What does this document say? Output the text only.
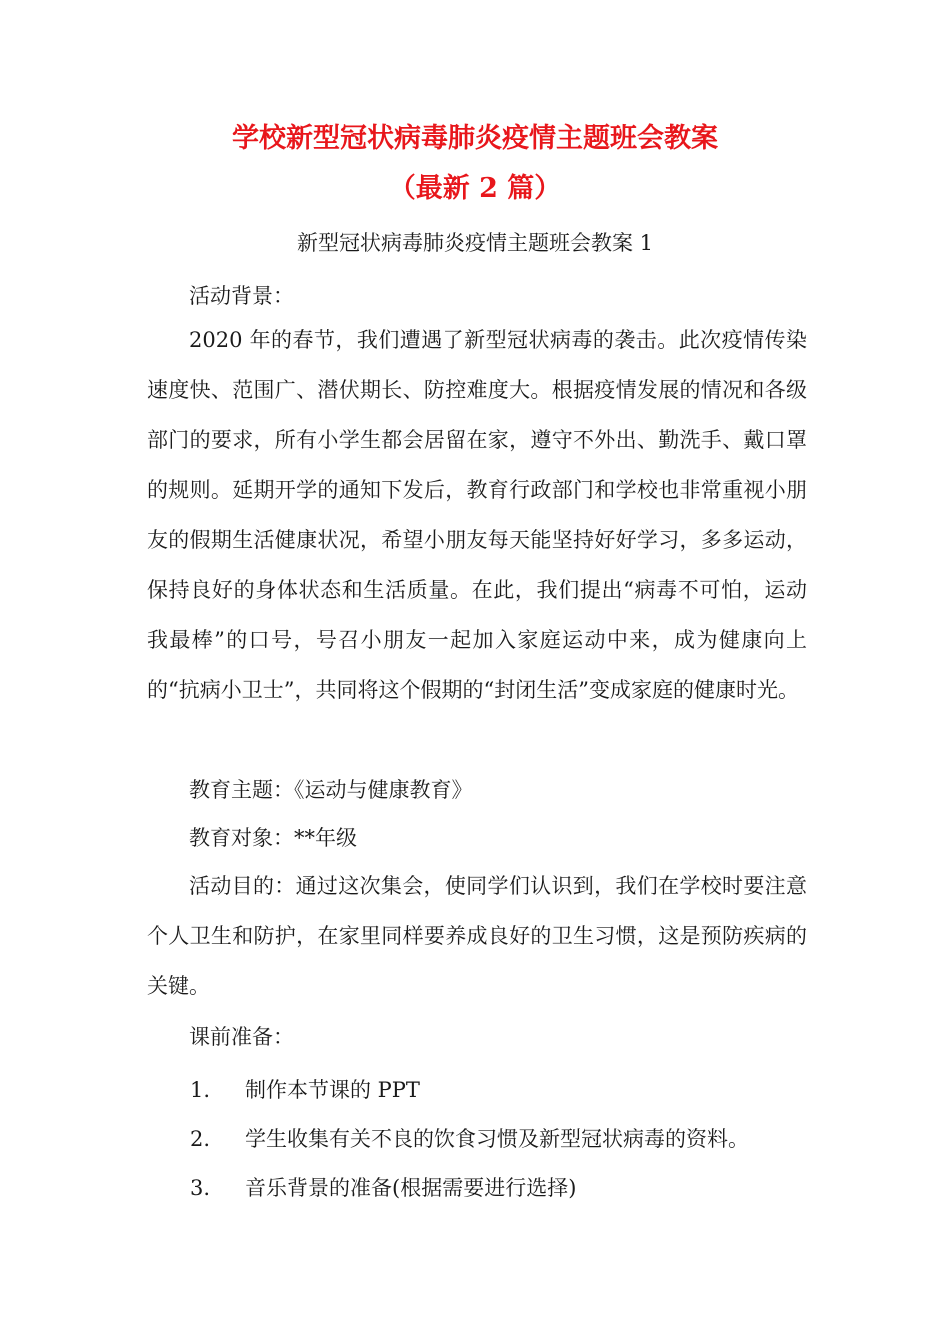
学校新型冠状病毒肺炎疫情主题班会教案
（最新 2 篇）
新型冠状病毒肺炎疫情主题班会教案 1
活动背景：
2020 年的春节，我们遭遇了新型冠状病毒的袭击。此次疫情传染速度快、范围广、潜伏期长、防控难度大。根据疫情发展的情况和各级部门的要求，所有小学生都会居留在家，遵守不外出、勤洗手、戴口罩的规则。延期开学的通知下发后，教育行政部门和学校也非常重视小朋友的假期生活健康状况，希望小朋友每天能坚持好好学习，多多运动，保持良好的身体状态和生活质量。在此，我们提出“病毒不可怕，运动我最棒”的口号，号召小朋友一起加入家庭运动中来，成为健康向上的“抗病小卫士”，共同将这个假期的“封闭生活”变成家庭的健康时光。
教育主题：《运动与健康教育》
教育对象：**年级
活动目的：通过这次集会，使同学们认识到，我们在学校时要注意个人卫生和防护，在家里同样要养成良好的卫生习惯，这是预防疾病的关键。
课前准备：
1. 制作本节课的 PPT
2. 学生收集有关不良的饮食习惯及新型冠状病毒的资料。
3. 音乐背景的准备(根据需要进行选择)
